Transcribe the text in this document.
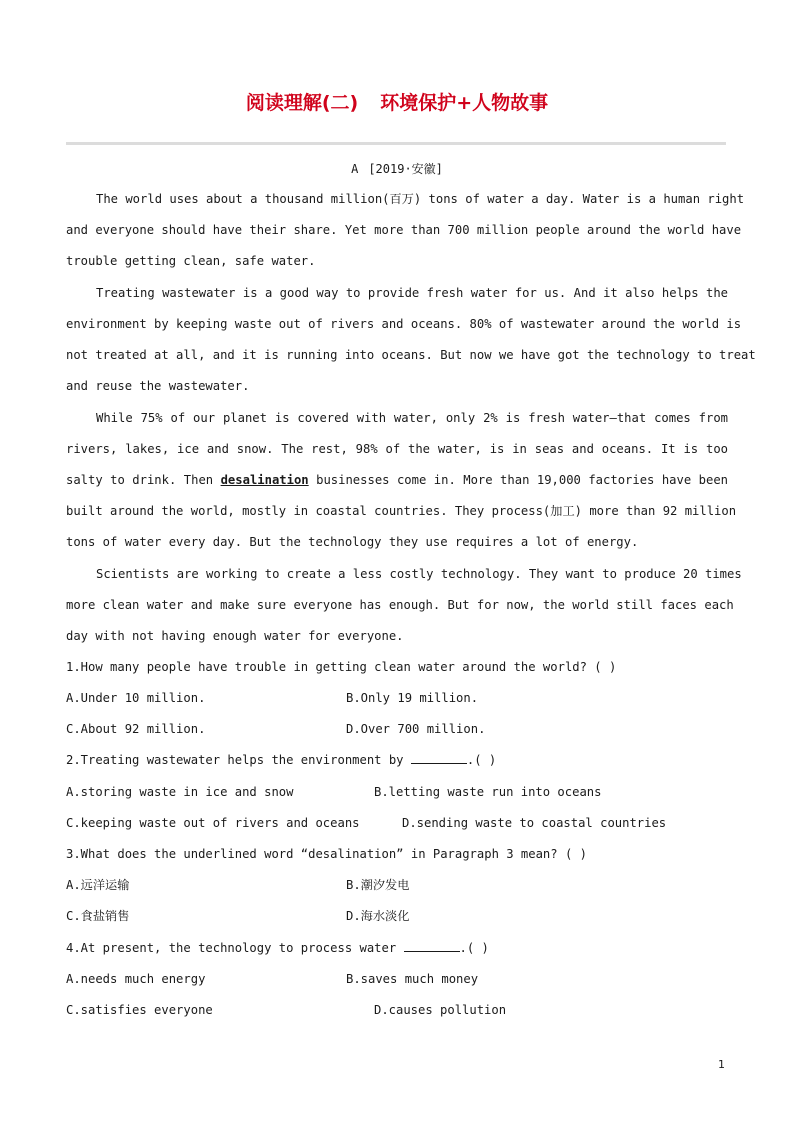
阅读理解(二) 环境保护+人物故事
A [2019·安徽]
The world uses about a thousand million(百万) tons of water a day. Water is a human right
and everyone should have their share. Yet more than 700 million people around the world have
trouble getting clean, safe water.
Treating wastewater is a good way to provide fresh water for us. And it also helps the
environment by keeping waste out of rivers and oceans. 80% of wastewater around the world is
not treated at all, and it is running into oceans. But now we have got the technology to treat
and reuse the wastewater.
While 75% of our planet is covered with water, only 2% is fresh water—that comes from
rivers, lakes, ice and snow. The rest, 98% of the water, is in seas and oceans. It is too
salty to drink. Then desalination businesses come in. More than 19,000 factories have been
built around the world, mostly in coastal countries. They process(加工) more than 92 million
tons of water every day. But the technology they use requires a lot of energy.
Scientists are working to create a less costly technology. They want to produce 20 times
more clean water and make sure everyone has enough. But for now, the world still faces each
day with not having enough water for everyone.
1.How many people have trouble in getting clean water around the world? ( )
A.Under 10 million.	B.Only 19 million.
C.About 92 million.	D.Over 700 million.
2.Treating wastewater helps the environment by	.( )
A.storing waste in ice and snow	B.letting waste run into oceans
C.keeping waste out of rivers and oceans	D.sending waste to coastal countries
3.What does the underlined word “desalination” in Paragraph 3 mean? ( )
A.远洋运输	B.潮汐发电
C.食盐销售	D.海水淡化
4.At present, the technology to process water	.( )
A.needs much energy	B.saves much money
C.satisfies everyone	D.causes pollution
1
